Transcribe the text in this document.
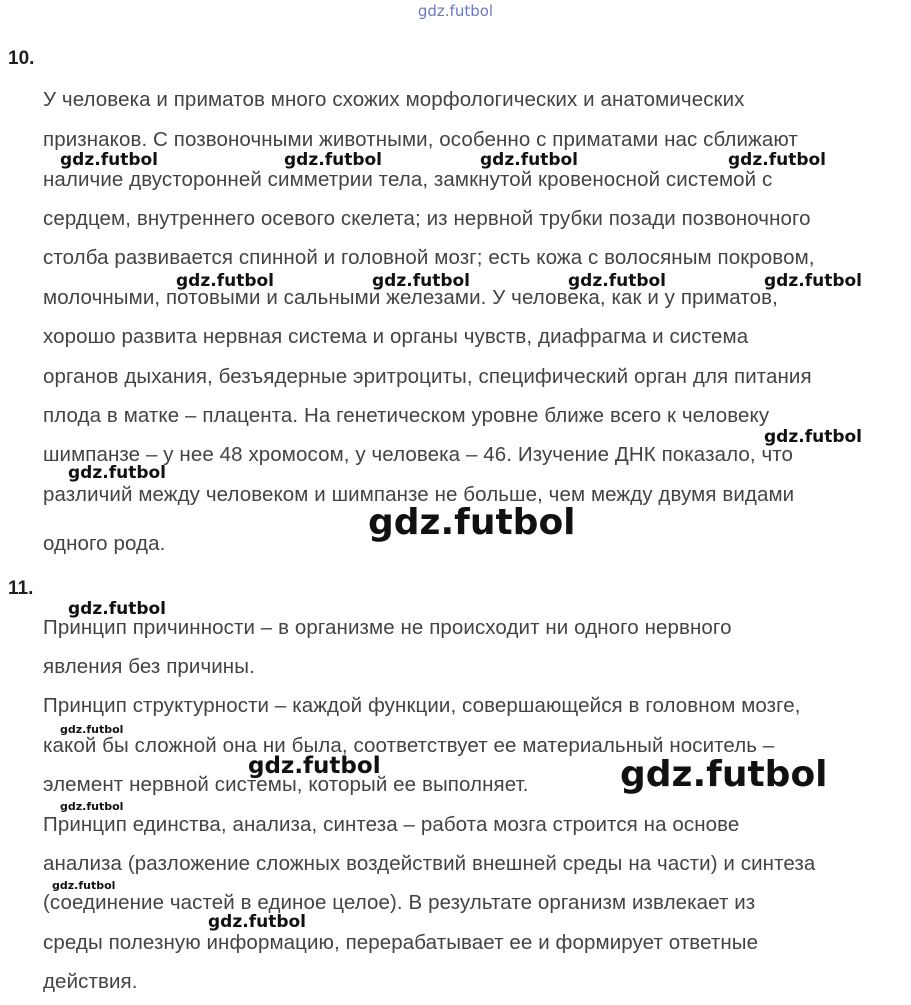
gdz.futbol
10.
У человека и приматов много схожих морфологических и анатомических
признаков. С позвоночными животными, особенно с приматами нас сближают
наличие двусторонней симметрии тела, замкнутой кровеносной системой с
сердцем, внутреннего осевого скелета; из нервной трубки позади позвоночного
столба развивается спинной и головной мозг; есть кожа с волосяным покровом,
молочными, потовыми и сальными железами. У человека, как и у приматов,
хорошо развита нервная система и органы чувств, диафрагма и система
органов дыхания, безъядерные эритроциты, специфический орган для питания
плода в матке – плацента. На генетическом уровне ближе всего к человеку
шимпанзе – у нее 48 хромосом, у человека – 46. Изучение ДНК показало, что
различий между человеком и шимпанзе не больше, чем между двумя видами
одного рода.
11.
Принцип причинности – в организме не происходит ни одного нервного
явления без причины.
Принцип структурности – каждой функции, совершающейся в головном мозге,
какой бы сложной она ни была, соответствует ее материальный носитель –
элемент нервной системы, который ее выполняет.
Принцип единства, анализа, синтеза – работа мозга строится на основе
анализа (разложение сложных воздействий внешней среды на части) и синтеза
(соединение частей в единое целое). В результате организм извлекает из
среды полезную информацию, перерабатывает ее и формирует ответные
действия.
gdz.futbol	gdz.futbol	gdz.futbol	gdz.futbol
gdz.futbol	gdz.futbol	gdz.futbol	gdz.futbol
gdz.futbol
gdz.futbol
gdz.futbol
gdz.futbol
gdz.futbol
gdz.futbol	gdz.futbol
gdz.futbol
gdz.futbol
gdz.futbol
